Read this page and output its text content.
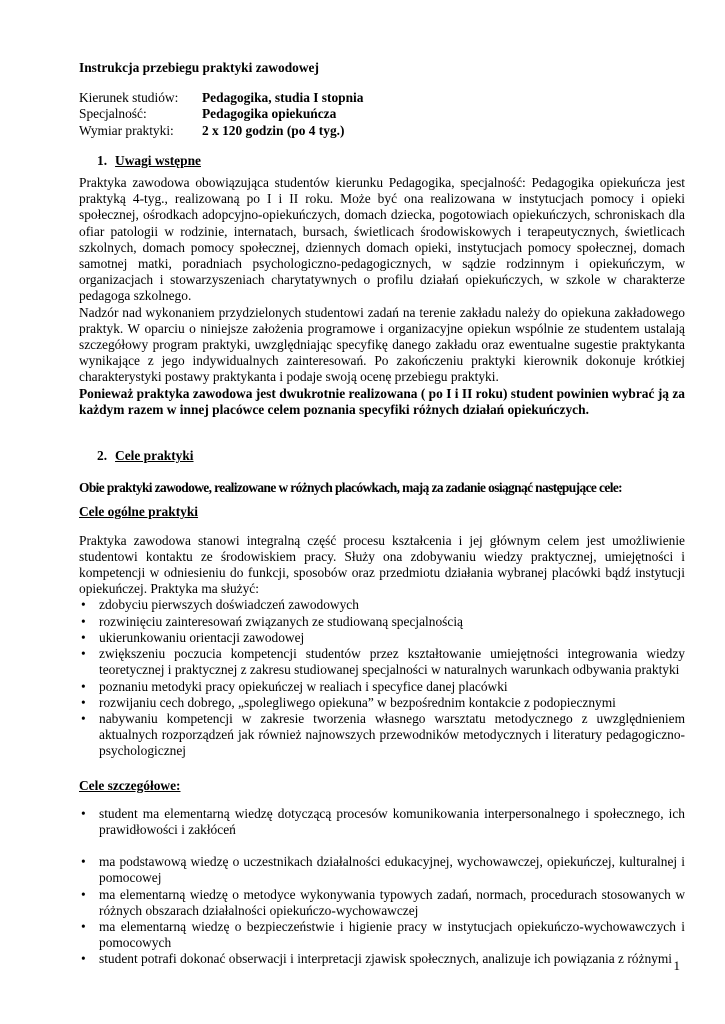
Instrukcja przebiegu praktyki zawodowej
Kierunek studiów:	Pedagogika, studia I stopnia
Specjalność:	Pedagogika opiekuńcza
Wymiar praktyki:	2 x 120 godzin (po 4 tyg.)
1. Uwagi wstępne

Praktyka zawodowa obowiązująca studentów kierunku Pedagogika, specjalność: Pedagogika opiekuńcza jest praktyką 4-tyg., realizowaną po I i II roku. Może być ona realizowana w instytucjach pomocy i opieki społecznej, ośrodkach adopcyjno-opiekuńczych, domach dziecka, pogotowiach opiekuńczych, schroniskach dla ofiar patologii w rodzinie, internatach, bursach, świetlicach środowiskowych i terapeutycznych, świetlicach szkolnych, domach pomocy społecznej, dziennych domach opieki, instytucjach pomocy społecznej, domach samotnej matki, poradniach psychologiczno-pedagogicznych, w sądzie rodzinnym i opiekuńczym, w organizacjach i stowarzyszeniach charytatywnych o profilu działań opiekuńczych, w szkole w charakterze pedagoga szkolnego.

Nadzór nad wykonaniem przydzielonych studentowi zadań na terenie zakładu należy do opiekuna zakładowego praktyk. W oparciu o niniejsze założenia programowe i organizacyjne opiekun wspólnie ze studentem ustalają szczegółowy program praktyki, uwzględniając specyfikę danego zakładu oraz ewentualne sugestie praktykanta wynikające z jego indywidualnych zainteresowań. Po zakończeniu praktyki kierownik dokonuje krótkiej charakterystyki postawy praktykanta i podaje swoją ocenę przebiegu praktyki.

Ponieważ praktyka zawodowa jest dwukrotnie realizowana ( po I i II roku) student powinien wybrać ją za każdym razem w innej placówce celem poznania specyfiki różnych działań opiekuńczych.

2. Cele praktyki
Obie praktyki zawodowe, realizowane w różnych placówkach, mają za zadanie osiągnąć następujące cele:
Cele ogólne praktyki

Praktyka zawodowa stanowi integralną część procesu kształcenia i jej głównym celem jest umożliwienie studentowi kontaktu ze środowiskiem pracy. Służy ona zdobywaniu wiedzy praktycznej, umiejętności i kompetencji w odniesieniu do funkcji, sposobów oraz przedmiotu działania wybranej placówki bądź instytucji opiekuńczej. Praktyka ma służyć:

• zdobyciu pierwszych doświadczeń zawodowych
• rozwinięciu zainteresowań związanych ze studiowaną specjalnością
• ukierunkowaniu orientacji zawodowej
• zwiększeniu poczucia kompetencji studentów przez kształtowanie umiejętności integrowania wiedzy teoretycznej i praktycznej z zakresu studiowanej specjalności w naturalnych warunkach odbywania praktyki
• poznaniu metodyki pracy opiekuńczej w realiach i specyfice danej placówki
• rozwijaniu cech dobrego, „spolegliwego opiekuna” w bezpośrednim kontakcie z podopiecznymi
• nabywaniu kompetencji w zakresie tworzenia własnego warsztatu metodycznego z uwzględnieniem aktualnych rozporządzeń jak również najnowszych przewodników metodycznych i literatury pedagogiczno-psychologicznej
Cele szczegółowe:
• student ma elementarną wiedzę dotyczącą procesów komunikowania interpersonalnego i społecznego, ich prawidłowości i zakłóceń
• ma podstawową wiedzę o uczestnikach działalności edukacyjnej, wychowawczej, opiekuńczej, kulturalnej i pomocowej
• ma elementarną wiedzę o metodyce wykonywania typowych zadań, normach, procedurach stosowanych w różnych obszarach działalności opiekuńczo-wychowawczej
• ma elementarną wiedzę o bezpieczeństwie i higienie pracy w instytucjach opiekuńczo-wychowawczych i pomocowych
• student potrafi dokonać obserwacji i interpretacji zjawisk społecznych, analizuje ich powiązania z różnymi 1
